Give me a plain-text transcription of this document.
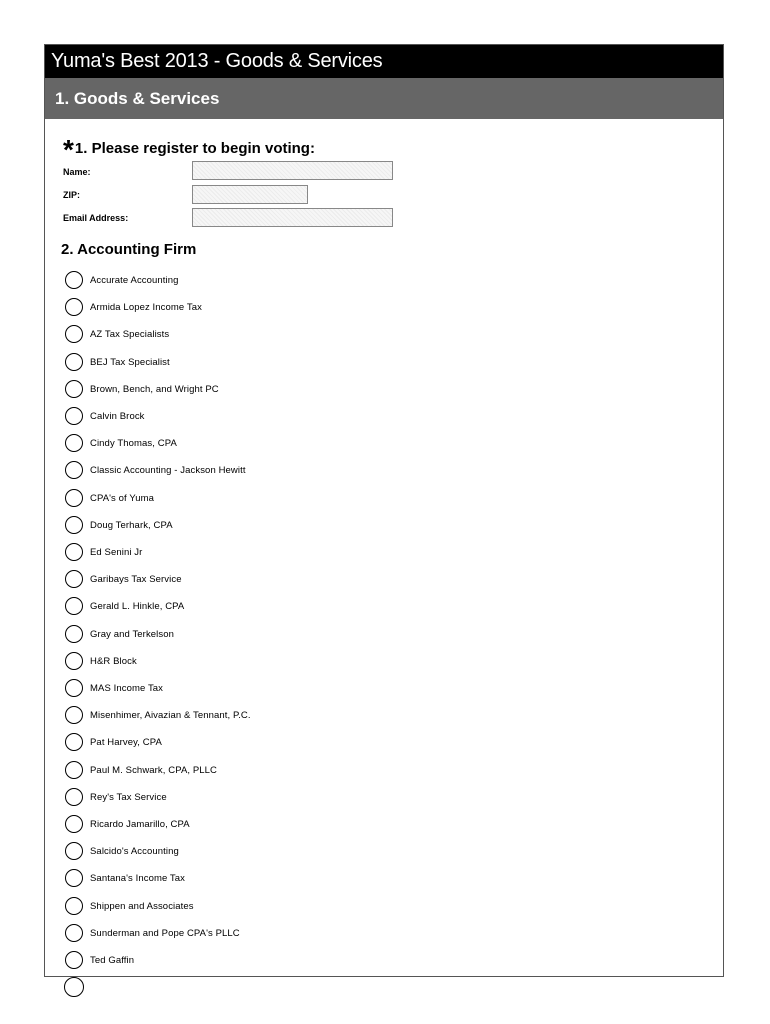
Yuma's Best 2013 - Goods & Services
1. Goods & Services
*1. Please register to begin voting:
Name:
ZIP:
Email Address:
2. Accounting Firm
Accurate Accounting
Armida Lopez Income Tax
AZ Tax Specialists
BEJ Tax Specialist
Brown, Bench, and Wright PC
Calvin Brock
Cindy Thomas, CPA
Classic Accounting - Jackson Hewitt
CPA's of Yuma
Doug Terhark, CPA
Ed Senini Jr
Garibays Tax Service
Gerald L. Hinkle, CPA
Gray and Terkelson
H&R Block
MAS Income Tax
Misenhimer, Aivazian & Tennant, P.C.
Pat Harvey, CPA
Paul M. Schwark, CPA, PLLC
Rey's Tax Service
Ricardo Jamarillo, CPA
Salcido's Accounting
Santana's Income Tax
Shippen and Associates
Sunderman and Pope CPA's PLLC
Ted Gaffin
